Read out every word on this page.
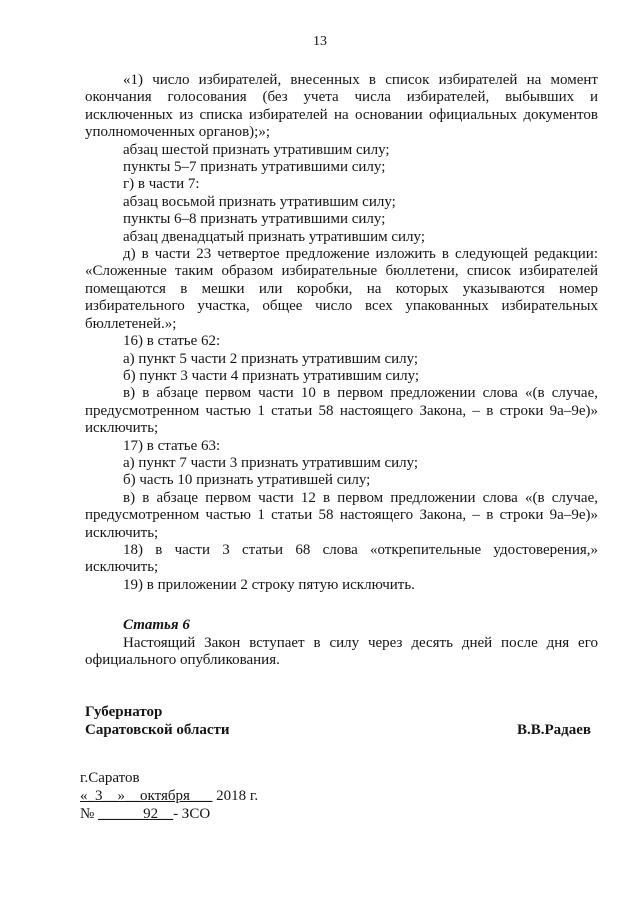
13

«1) число избирателей, внесенных в список избирателей на момент окончания голосования (без учета числа избирателей, выбывших и исключенных из списка избирателей на основании официальных документов уполномоченных органов);»;

абзац шестой признать утратившим силу;

пункты 5–7 признать утратившими силу;

г) в части 7:

абзац восьмой признать утратившим силу;

пункты 6–8 признать утратившими силу;

абзац двенадцатый признать утратившим силу;

д) в части 23 четвертое предложение изложить в следующей редакции: «Сложенные таким образом избирательные бюллетени, список избирателей помещаются в мешки или коробки, на которых указываются номер избирательного участка, общее число всех упакованных избирательных бюллетеней.»;

16) в статье 62:

а) пункт 5 части 2 признать утратившим силу;

б) пункт 3 части 4 признать утратившим силу;

в) в абзаце первом части 10 в первом предложении слова «(в случае, предусмотренном частью 1 статьи 58 настоящего Закона, – в строки 9а–9е)» исключить;

17) в статье 63:

а) пункт 7 части 3 признать утратившим силу;

б) часть 10 признать утратившей силу;

в) в абзаце первом части 12 в первом предложении слова «(в случае, предусмотренном частью 1 статьи 58 настоящего Закона, – в строки 9а–9е)» исключить;

18) в части 3 статьи 68 слова «открепительные удостоверения,» исключить;

19) в приложении 2 строку пятую исключить.

Статья 6

Настоящий Закон вступает в силу через десять дней после дня его официального опубликования.

Губернатор
Саратовской области	В.В.Радаев
г.Саратов
«_3__»__октября___ 2018 г.
№ ______92__- ЗСО
